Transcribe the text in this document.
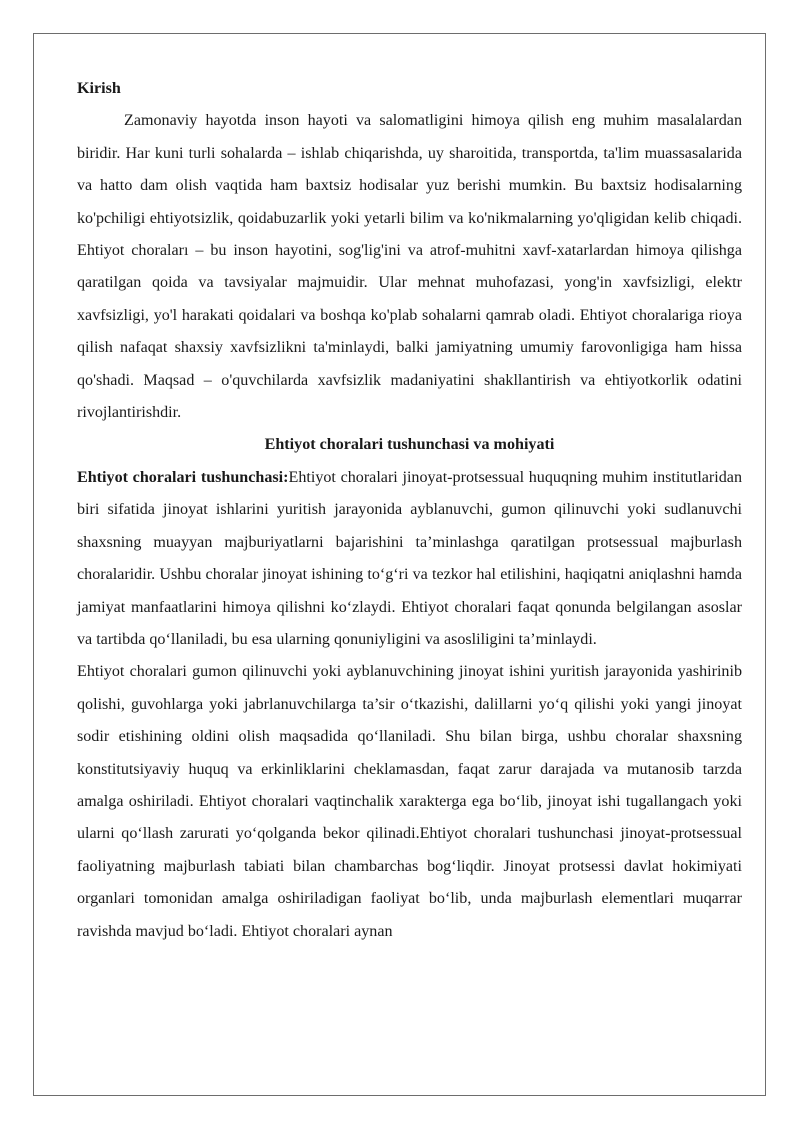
Kirish

Zamonaviy hayotda inson hayoti va salomatligini himoya qilish eng muhim masalalardan biridir. Har kuni turli sohalarda – ishlab chiqarishda, uy sharoitida, transportda, ta'lim muassasalarida va hatto dam olish vaqtida ham baxtsiz hodisalar yuz berishi mumkin. Bu baxtsiz hodisalarning ko'pchiligi ehtiyotsizlik, qoidabuzarlik yoki yetarli bilim va ko'nikmalarning yo'qligidan kelib chiqadi. Ehtiyot choraları – bu inson hayotini, sog'lig'ini va atrof-muhitni xavf-xatarlardan himoya qilishga qaratilgan qoida va tavsiyalar majmuidir. Ular mehnat muhofazasi, yong'in xavfsizligi, elektr xavfsizligi, yo'l harakati qoidalari va boshqa ko'plab sohalarni qamrab oladi. Ehtiyot choralariga rioya qilish nafaqat shaxsiy xavfsizlikni ta'minlaydi, balki jamiyatning umumiy farovonligiga ham hissa qo'shadi. Maqsad – o'quvchilarda xavfsizlik madaniyatini shakllantirish va ehtiyotkorlik odatini rivojlantirishdir.

Ehtiyot choralari tushunchasi va mohiyati

Ehtiyot choralari tushunchasi:Ehtiyot choralari jinoyat-protsessual huquqning muhim institutlaridan biri sifatida jinoyat ishlarini yuritish jarayonida ayblanuvchi, gumon qilinuvchi yoki sudlanuvchi shaxsning muayyan majburiyatlarni bajarishini ta’minlashga qaratilgan protsessual majburlash choralaridir. Ushbu choralar jinoyat ishining to‘g‘ri va tezkor hal etilishini, haqiqatni aniqlashni hamda jamiyat manfaatlarini himoya qilishni ko‘zlaydi. Ehtiyot choralari faqat qonunda belgilangan asoslar va tartibda qo‘llaniladi, bu esa ularning qonuniyligini va asosliligini ta’minlaydi.

Ehtiyot choralari gumon qilinuvchi yoki ayblanuvchining jinoyat ishini yuritish jarayonida yashirinib qolishi, guvohlarga yoki jabrlanuvchilarga ta’sir o‘tkazishi, dalillarni yo‘q qilishi yoki yangi jinoyat sodir etishining oldini olish maqsadida qo‘llaniladi. Shu bilan birga, ushbu choralar shaxsning konstitutsiyaviy huquq va erkinliklarini cheklamasdan, faqat zarur darajada va mutanosib tarzda amalga oshiriladi. Ehtiyot choralari vaqtinchalik xarakterga ega bo‘lib, jinoyat ishi tugallangach yoki ularni qo‘llash zarurati yo‘qolganda bekor qilinadi.Ehtiyot choralari tushunchasi jinoyat-protsessual faoliyatning majburlash tabiati bilan chambarchas bog‘liqdir. Jinoyat protsessi davlat hokimiyati organlari tomonidan amalga oshiriladigan faoliyat bo‘lib, unda majburlash elementlari muqarrar ravishda mavjud bo‘ladi. Ehtiyot choralari aynan
